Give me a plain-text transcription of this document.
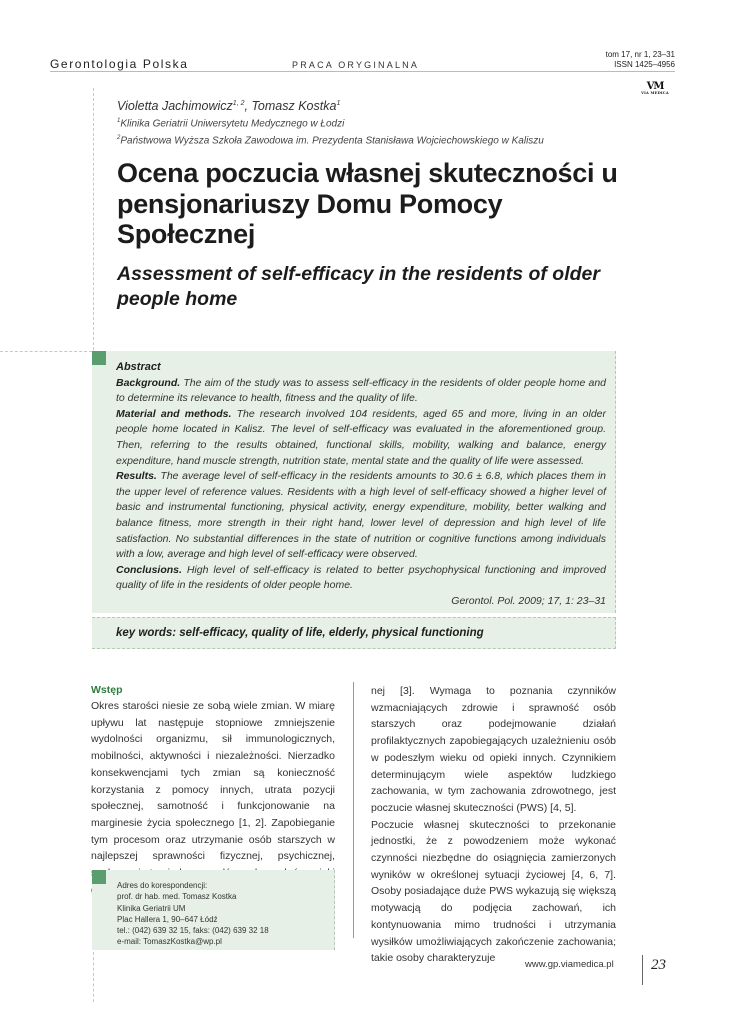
Gerontologia Polska	PRACA ORYGINALNA
tom 17, nr 1, 23–31
ISSN 1425–4956
VM
VIA MEDICA
Violetta Jachimowicz$^{1, 2}$, Tomasz Kostka$^1$
$^1$Klinika Geriatrii Uniwersytetu Medycznego w Łodzi
$^2$Państwowa Wyższa Szkoła Zawodowa im. Prezydenta Stanisława Wojciechowskiego w Kaliszu
Ocena poczucia własnej skuteczności u pensjonariuszy Domu Pomocy Społecznej
Assessment of self-efficacy in the residents of older people home
Abstract
Background. The aim of the study was to assess self-efficacy in the residents of older people home and to determine its relevance to health, fitness and the quality of life.
Material and methods. The research involved 104 residents, aged 65 and more, living in an older people home located in Kalisz. The level of self-efficacy was evaluated in the aforementioned group. Then, referring to the results obtained, functional skills, mobility, walking and balance, energy expenditure, hand muscle strength, nutrition state, mental state and the quality of life were assessed.
Results. The average level of self-efficacy in the residents amounts to 30.6 ± 6.8, which places them in the upper level of reference values. Residents with a high level of self-efficacy showed a higher level of basic and instrumental functioning, physical activity, energy expenditure, mobility, better walking and balance fitness, more strength in their right hand, lower level of depression and high level of life satisfaction. No substantial differences in the state of nutrition or cognitive functions among individuals with a low, average and high level of self-efficacy were observed.
Conclusions. High level of self-efficacy is related to better psychophysical functioning and improved quality of life in the residents of older people home.
Gerontol. Pol. 2009; 17, 1: 23–31
key words: self-efficacy, quality of life, elderly, physical functioning
Wstęp

Okres starości niesie ze sobą wiele zmian. W miarę upływu lat następuje stopniowe zmniejszenie wydolności organizmu, sił immunologicznych, mobilności, aktywności i niezależności. Nierzadko konsekwencjami tych zmian są konieczność korzystania z pomocy innych, utrata pozycji społecznej, samotność i funkcjonowanie na marginesie życia społecznego [1, 2]. Zapobieganie tym procesom oraz utrzymanie osób starszych w najlepszej sprawności fizycznej, psychicznej,

nej [3]. Wymaga to poznania czynników wzmacniających zdrowie i sprawność osób starszych oraz podejmowanie działań profilaktycznych zapobiegających uzależnieniu osób w podeszłym wieku od opieki innych. Czynnikiem determinującym wiele aspektów ludzkiego zachowania, w tym zachowania zdrowotnego, jest poczucie własnej skuteczności (PWS) [4, 5].

Poczucie własnej skuteczności to przekonanie jednostki, że z powodzeniem może wykonać czynności niezbędne do osiągnięcia zamierzonych wyników w określonej sytuacji życiowej [4, 6, 7]. Osoby posiadające duże PWS wykazują się większą motywacją do podjęcia zachowań, ich kontynuowania mimo trudności i utrzymania wysiłków umożliwiających zakończenie zachowania; takie osoby charakteryzuje

Adres do korespondencji:
prof. dr hab. med. Tomasz Kostka
Klinika Geriatrii UM
Plac Hallera 1, 90–647 Łódź
tel.: (042) 639 32 15, faks: (042) 639 32 18
e-mail: TomaszKostka@wp.pl
www.gp.viamedica.pl 23
